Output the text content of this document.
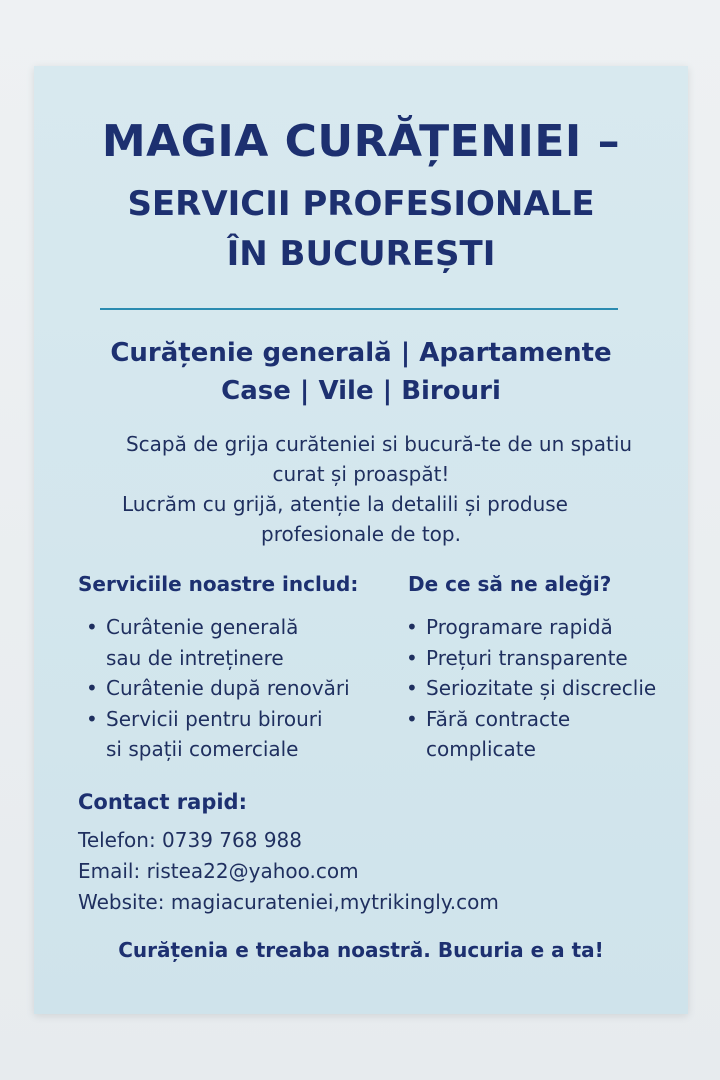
MAGIA CURĂȚENIEI –
SERVICII PROFESIONALE
ÎN BUCUREȘTI
Curățenie generală | Apartamente
Case | Vile | Birouri
Scapă de grija curăteniei si bucură-te de un spatiu
curat și proaspăt!
Lucrăm cu grijă, atenție la detalili și produse
profesionale de top.
Serviciile noastre includ: De ce să ne aleği?
• Curâtenie generală
sau de intreținere
• Curâtenie după renovări
• Servicii pentru birouri
si spații comerciale
• Programare rapidă
• Prețuri transparente
• Seriozitate și discreclie
• Fără contracte
complicate
Contact rapid:
Telefon: 0739 768 988
Email: ristea22@yahoo.com
Website: magiacurateniei,mytrikingly.com
Curățenia e treaba noastră. Bucuria e a ta!
